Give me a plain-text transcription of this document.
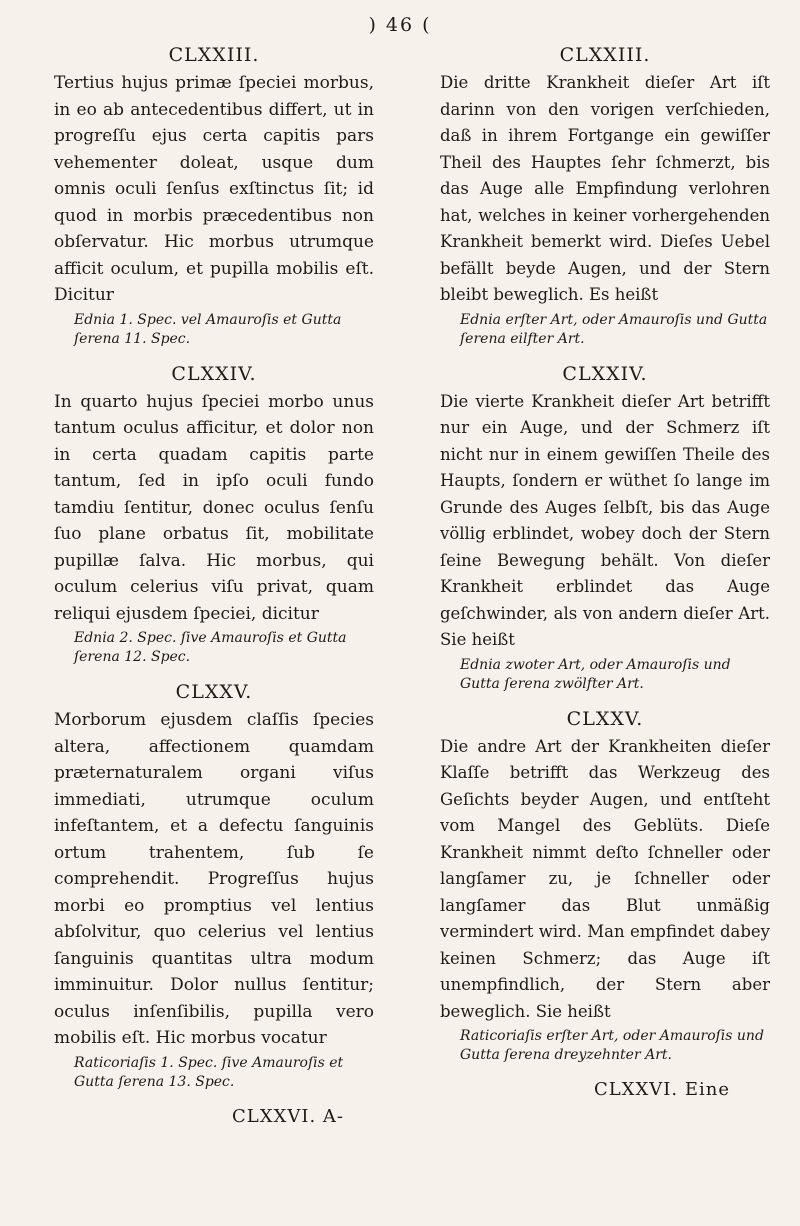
) 46 (
CLXXIII.

Tertius hujus primæ ſpeciei morbus, in eo ab antecedentibus differt, ut in progreſſu ejus certa capitis pars vehementer doleat, usque dum omnis oculi ſenſus exſtinctus ſit; id quod in morbis præcedentibus non obſervatur. Hic morbus utrumque afficit oculum, et pupilla mobilis eſt. Dicitur

Ednia 1. Spec. vel Amauroſis et Gutta ſerena 11. Spec.
CLXXIV.

In quarto hujus ſpeciei morbo unus tantum oculus afficitur, et dolor non in certa quadam capitis parte tantum, ſed in ipſo oculi fundo tamdiu ſentitur, donec oculus ſenſu ſuo plane orbatus ſit, mobilitate pupillæ ſalva. Hic morbus, qui oculum celerius viſu privat, quam reliqui ejusdem ſpeciei, dicitur

Ednia 2. Spec. ſive Amauroſis et Gutta ſerena 12. Spec.
CLXXV.

Morborum ejusdem claſſis ſpecies altera, affectionem quamdam præternaturalem organi viſus immediati, utrumque oculum infeſtantem, et a defectu ſanguinis ortum trahentem, ſub ſe comprehendit. Progreſſus hujus morbi eo promptius vel lentius abſolvitur, quo celerius vel lentius ſanguinis quantitas ultra modum imminuitur. Dolor nullus ſentitur; oculus inſenſibilis, pupilla vero mobilis eſt. Hic morbus vocatur

Raticoriaſis 1. Spec. ſive Amauroſis et Gutta ſerena 13. Spec.
CLXXVI. A-
CLXXIII.

Die dritte Krankheit dieſer Art iſt darinn von den vorigen verſchieden, daß in ihrem Fortgange ein gewiſſer Theil des Hauptes ſehr ſchmerzt, bis das Auge alle Empfindung verlohren hat, welches in keiner vorhergehenden Krankheit bemerkt wird. Dieſes Uebel befällt beyde Augen, und der Stern bleibt beweglich. Es heißt

Ednia erſter Art, oder Amauroſis und Gutta ſerena eilfter Art.
CLXXIV.

Die vierte Krankheit dieſer Art betrifft nur ein Auge, und der Schmerz iſt nicht nur in einem gewiſſen Theile des Haupts, ſondern er wüthet ſo lange im Grunde des Auges ſelbſt, bis das Auge völlig erblindet, wobey doch der Stern ſeine Bewegung behält. Von dieſer Krankheit erblindet das Auge geſchwinder, als von andern dieſer Art. Sie heißt

Ednia zwoter Art, oder Amauroſis und Gutta ſerena zwölfter Art.
CLXXV.

Die andre Art der Krankheiten dieſer Klaſſe betrifft das Werkzeug des Geſichts beyder Augen, und entſteht vom Mangel des Geblüts. Dieſe Krankheit nimmt deſto ſchneller oder langſamer zu, je ſchneller oder langſamer das Blut unmäßig vermindert wird. Man empfindet dabey keinen Schmerz; das Auge iſt unempfindlich, der Stern aber beweglich. Sie heißt

Raticoriaſis erſter Art, oder Amauroſis und Gutta ſerena dreyzehnter Art.
CLXXVI. Eine
